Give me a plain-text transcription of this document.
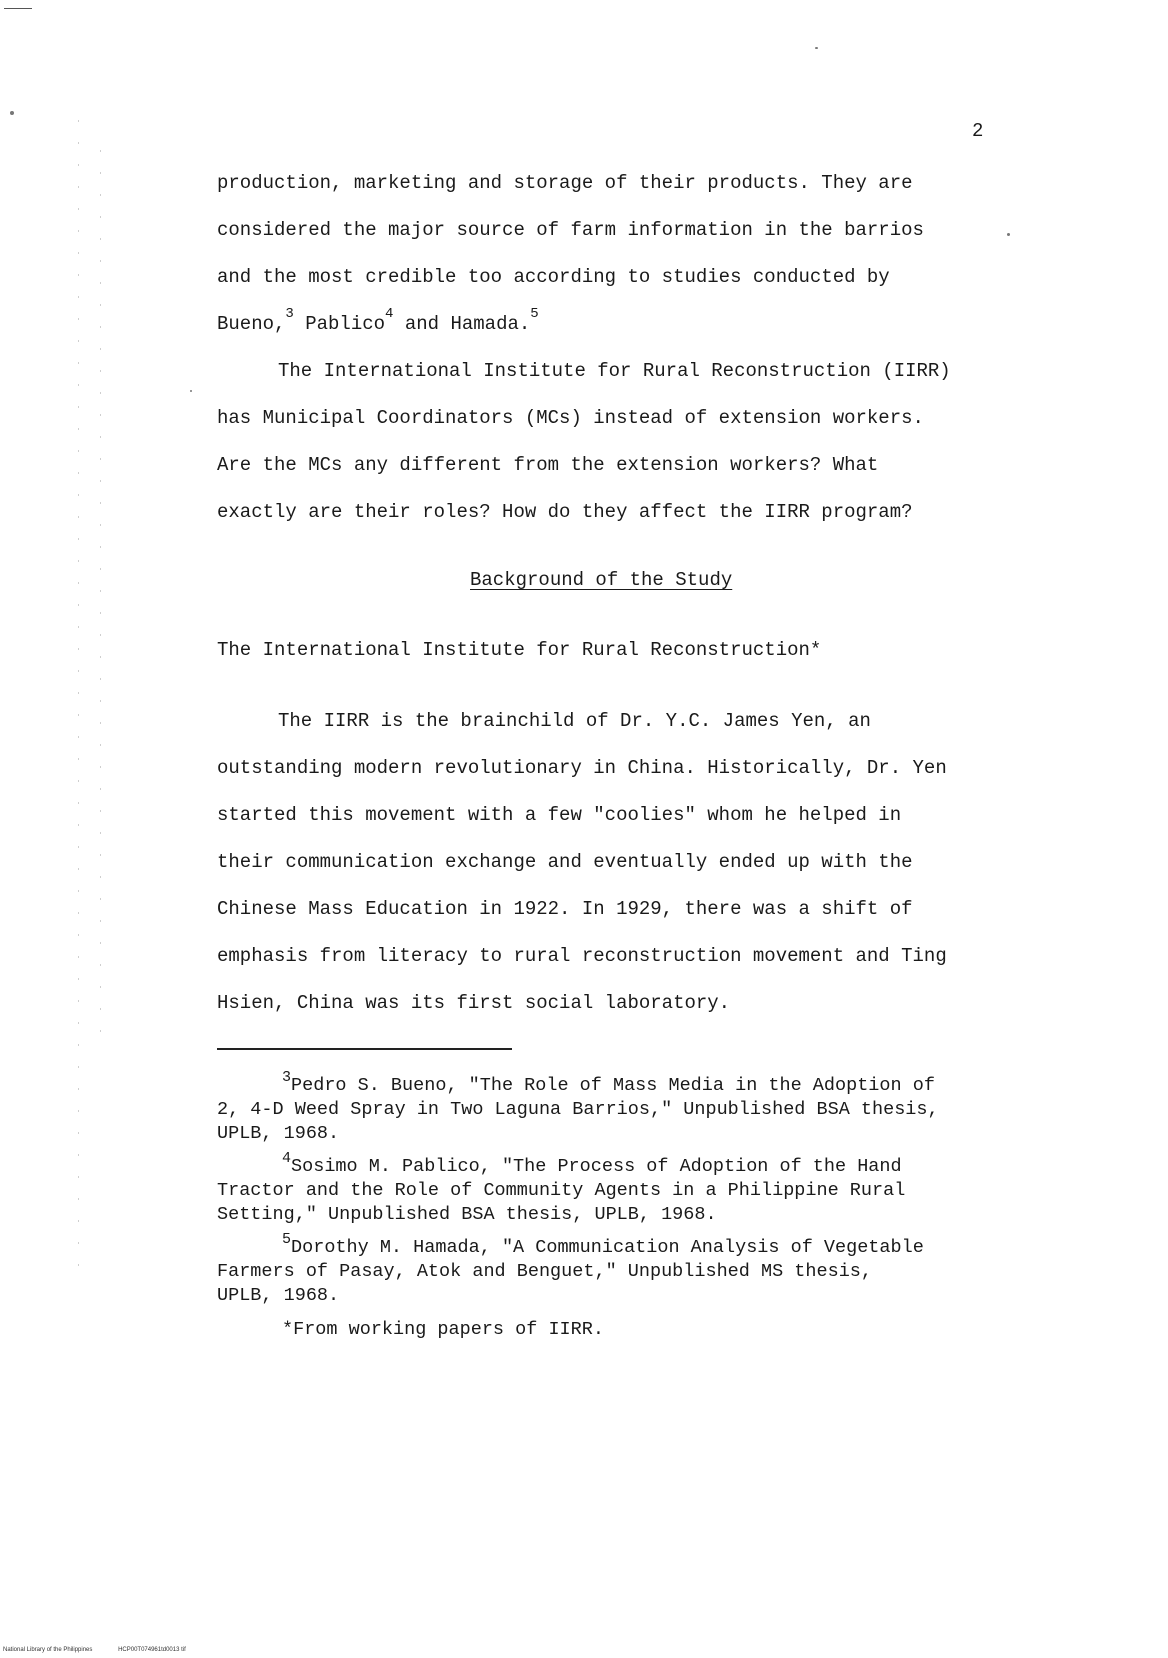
2
production, marketing and storage of their products. They are
considered the major source of farm information in the barrios
and the most credible too according to studies conducted by
Bueno,$^3$ Pablico$^4$ and Hamada.$^5$
The International Institute for Rural Reconstruction (IIRR)
has Municipal Coordinators (MCs) instead of extension workers.
Are the MCs any different from the extension workers? What
exactly are their roles? How do they affect the IIRR program?
Background of the Study
The International Institute for Rural Reconstruction*
The IIRR is the brainchild of Dr. Y.C. James Yen, an
outstanding modern revolutionary in China. Historically, Dr. Yen
started this movement with a few "coolies" whom he helped in
their communication exchange and eventually ended up with the
Chinese Mass Education in 1922. In 1929, there was a shift of
emphasis from literacy to rural reconstruction movement and Ting
Hsien, China was its first social laboratory.
$^3$Pedro S. Bueno, "The Role of Mass Media in the Adoption of
2, 4-D Weed Spray in Two Laguna Barrios," Unpublished BSA thesis,
UPLB, 1968.
$^4$Sosimo M. Pablico, "The Process of Adoption of the Hand
Tractor and the Role of Community Agents in a Philippine Rural
Setting," Unpublished BSA thesis, UPLB, 1968.
$^5$Dorothy M. Hamada, "A Communication Analysis of Vegetable
Farmers of Pasay, Atok and Benguet," Unpublished MS thesis,
UPLB, 1968.
*From working papers of IIRR.
National Library of the Philippines	HCP00T074961td0013 tif
